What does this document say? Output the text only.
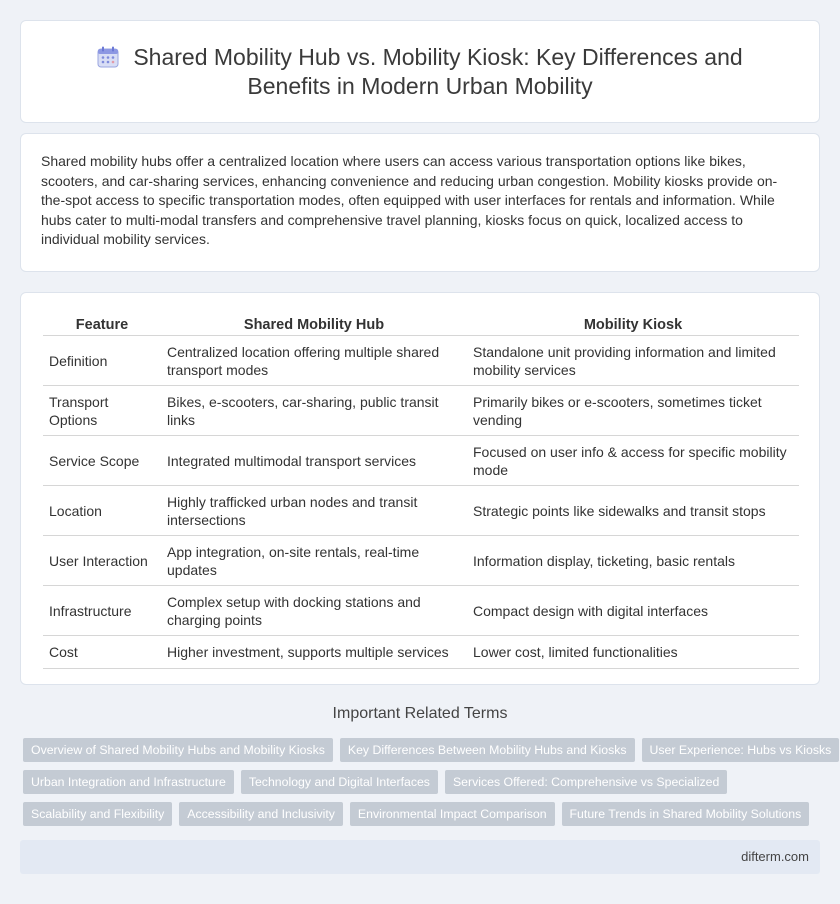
Shared Mobility Hub vs. Mobility Kiosk: Key Differences and Benefits in Modern Urban Mobility
Shared mobility hubs offer a centralized location where users can access various transportation options like bikes, scooters, and car-sharing services, enhancing convenience and reducing urban congestion. Mobility kiosks provide on-the-spot access to specific transportation modes, often equipped with user interfaces for rentals and information. While hubs cater to multi-modal transfers and comprehensive travel planning, kiosks focus on quick, localized access to individual mobility services.
Feature	Shared Mobility Hub	Mobility Kiosk
Definition	Centralized location offering multiple shared transport modes	Standalone unit providing information and limited mobility services
Transport Options	Bikes, e-scooters, car-sharing, public transit links	Primarily bikes or e-scooters, sometimes ticket vending
Service Scope	Integrated multimodal transport services	Focused on user info & access for specific mobility mode
Location	Highly trafficked urban nodes and transit intersections	Strategic points like sidewalks and transit stops
User Interaction	App integration, on-site rentals, real-time updates	Information display, ticketing, basic rentals
Infrastructure	Complex setup with docking stations and charging points	Compact design with digital interfaces
Cost	Higher investment, supports multiple services	Lower cost, limited functionalities
Important Related Terms
Overview of Shared Mobility Hubs and Mobility Kiosks	Key Differences Between Mobility Hubs and Kiosks	User Experience: Hubs vs Kiosks
Urban Integration and Infrastructure	Technology and Digital Interfaces	Services Offered: Comprehensive vs Specialized
Scalability and Flexibility	Accessibility and Inclusivity	Environmental Impact Comparison	Future Trends in Shared Mobility Solutions
difterm.com
